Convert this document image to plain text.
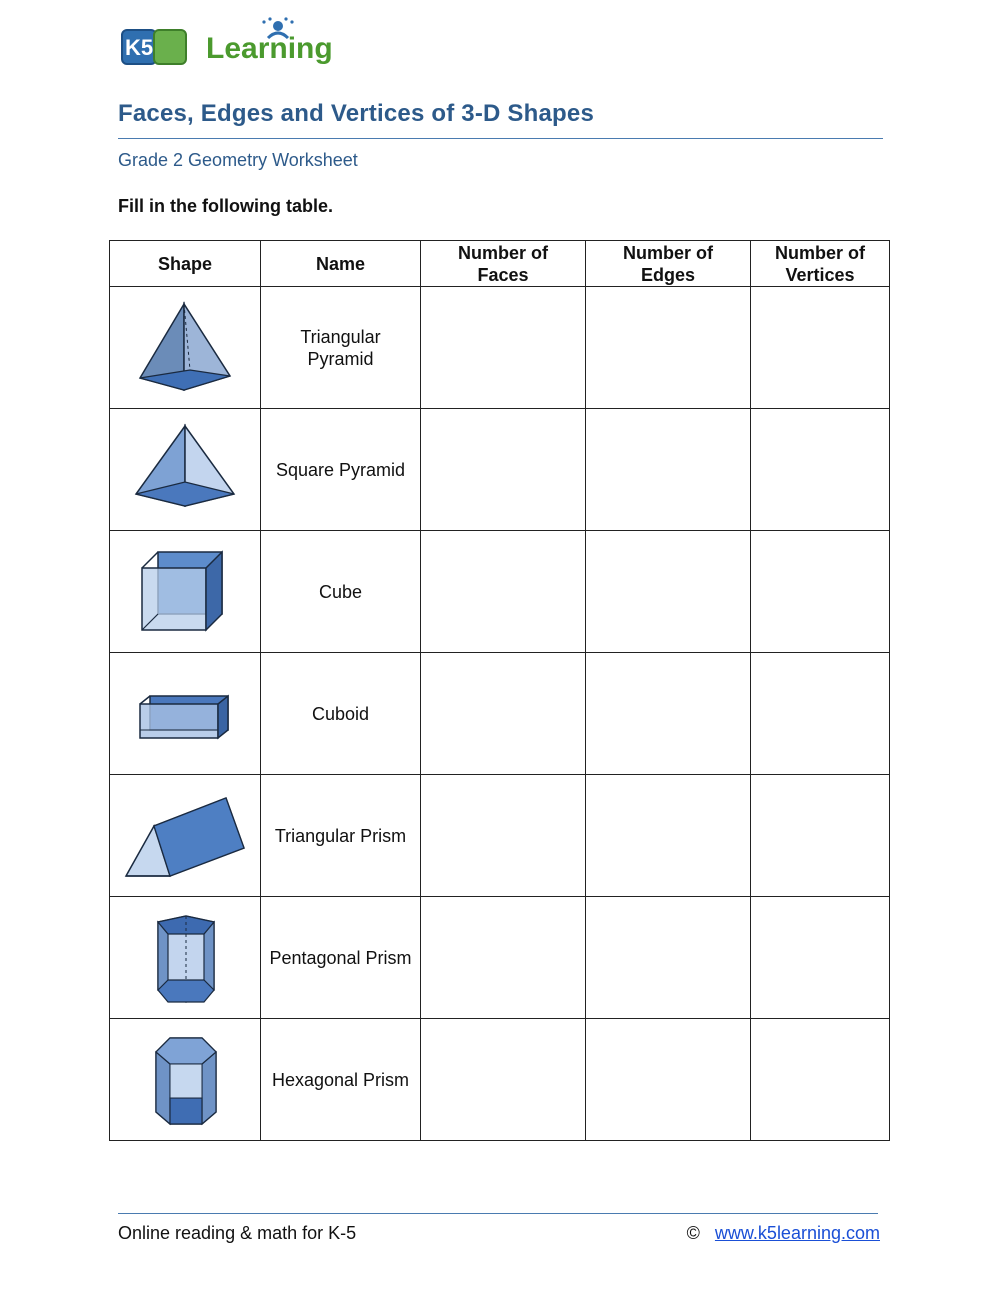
K5 Learning
Faces, Edges and Vertices of 3-D Shapes
Grade 2 Geometry Worksheet
Fill in the following table.
Shape	Name	Number of Faces	Number of Edges	Number of Vertices

	Triangular Pyramid			

	Square Pyramid			

	Cube			

	Cuboid			

	Triangular Prism			

	Pentagonal Prism			

	Hexagonal Prism			
Online reading & math for K-5	© www.k5learning.com
